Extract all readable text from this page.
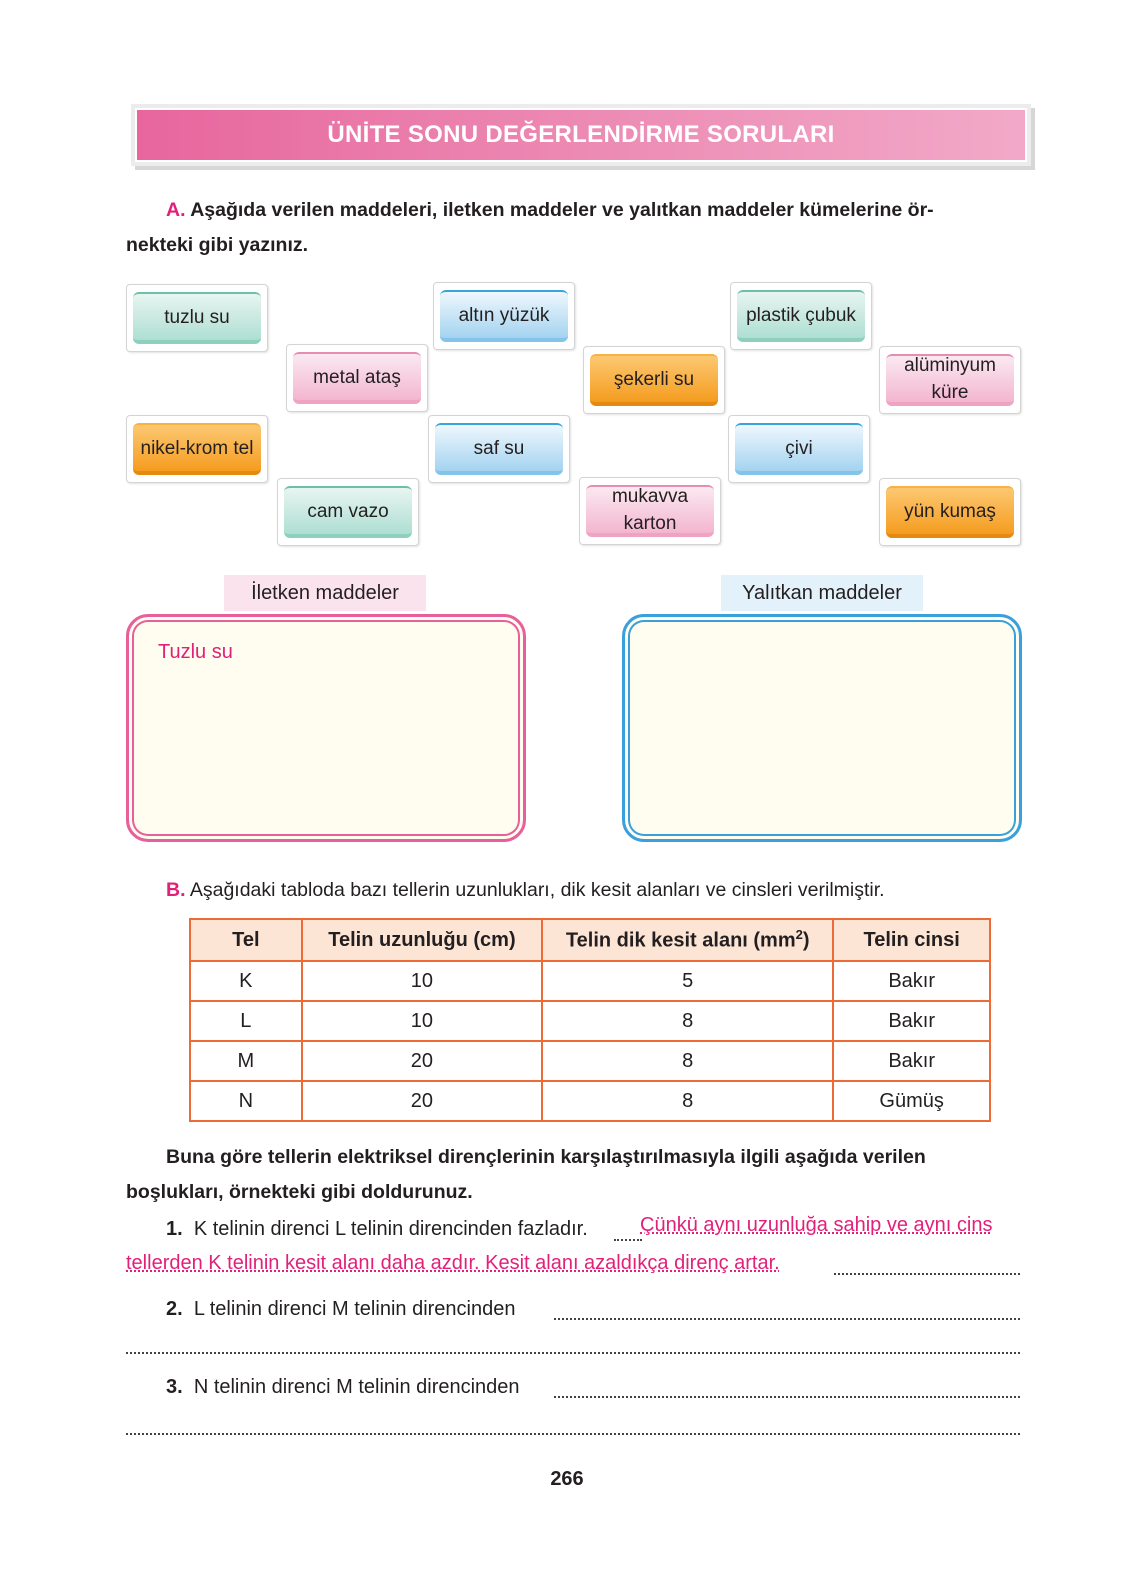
ÜNİTE SONU DEĞERLENDİRME SORULARI
A. Aşağıda verilen maddeleri, iletken maddeler ve yalıtkan maddeler kümelerine ör-
nekteki gibi yazınız.
tuzlu su	altın yüzük	plastik çubuk
metal ataş	şekerli su
alüminyum küre
nikel-krom tel	saf su	çivi
cam vazo
mukavva karton
yün kumaş
İletken maddeler	Yalıtkan maddeler
Tuzlu su
B. Aşağıdaki tabloda bazı tellerin uzunlukları, dik kesit alanları ve cinsleri verilmiştir.
Tel	Telin uzunluğu (cm)	Telin dik kesit alanı $(mm^2)$	Telin cinsi
K	10	5	Bakır
L	10	8	Bakır
M	20	8	Bakır
N	20	8	Gümüş
Buna göre tellerin elektriksel dirençlerinin karşılaştırılmasıyla ilgili aşağıda verilen
boşlukları, örnekteki gibi doldurunuz.
1. K telinin direnci L telinin direncinden fazladır.	Çünkü aynı uzunluğa sahip ve aynı cins
tellerden K telinin kesit alanı daha azdır. Kesit alanı azaldıkça direnç artar.
2. L telinin direnci M telinin direncinden
3. N telinin direnci M telinin direncinden
266
